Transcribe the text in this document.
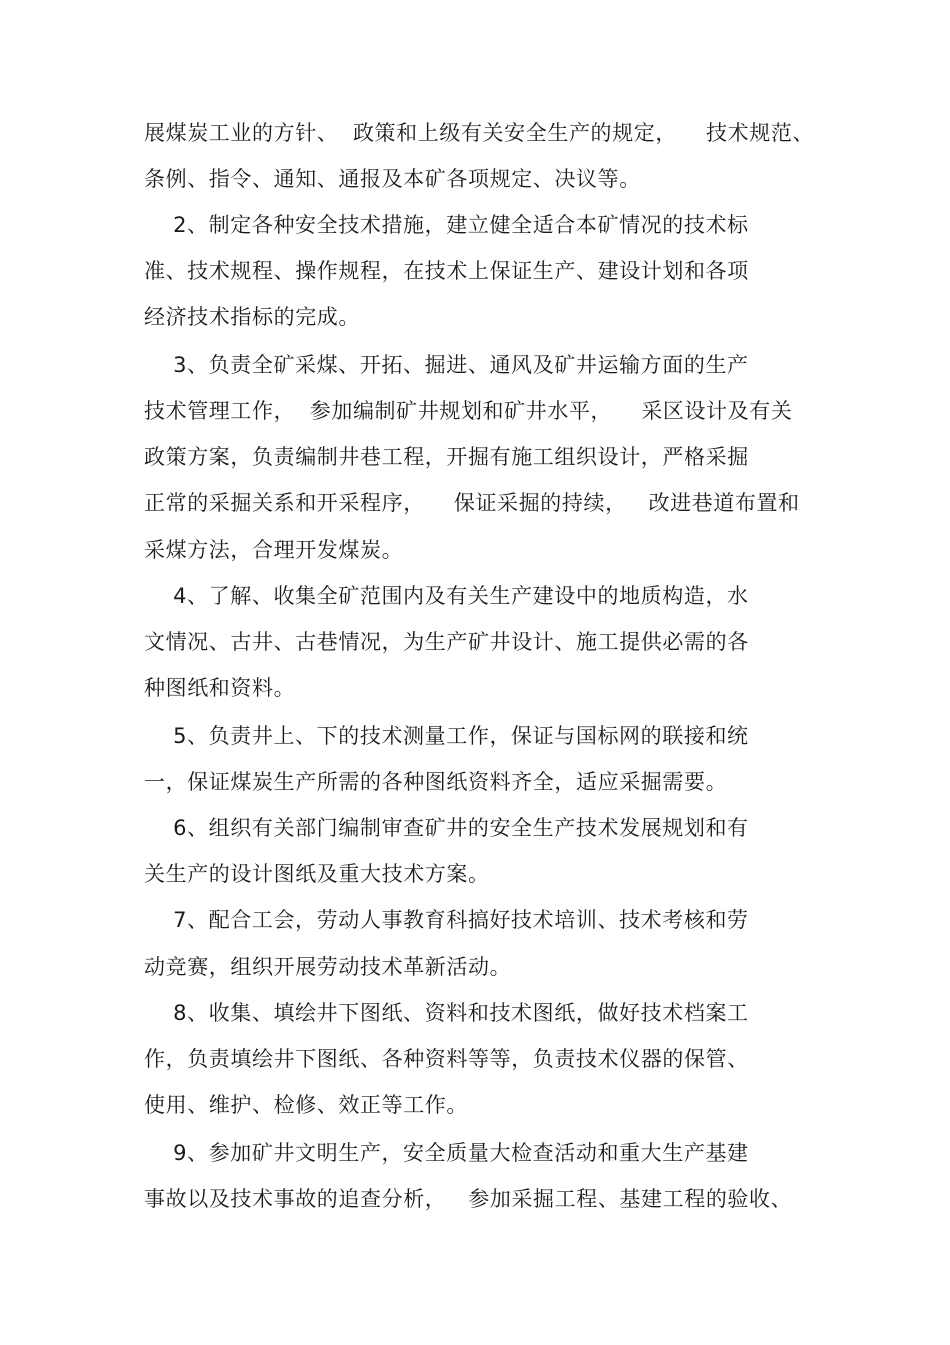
展煤炭工业的方针、  政策和上级有关安全生产的规定，    技术规范、
条例、指令、通知、通报及本矿各项规定、决议等。
2、制定各种安全技术措施，建立健全适合本矿情况的技术标
准、技术规程、操作规程，在技术上保证生产、建设计划和各项
经济技术指标的完成。
3、负责全矿采煤、开拓、掘进、通风及矿井运输方面的生产
技术管理工作，  参加编制矿井规划和矿井水平，    采区设计及有关
政策方案，负责编制井巷工程，开掘有施工组织设计，严格采掘
正常的采掘关系和开采程序，    保证采掘的持续，   改进巷道布置和
采煤方法，合理开发煤炭。
4、了解、收集全矿范围内及有关生产建设中的地质构造，水
文情况、古井、古巷情况，为生产矿井设计、施工提供必需的各
种图纸和资料。
5、负责井上、下的技术测量工作，保证与国标网的联接和统
一，保证煤炭生产所需的各种图纸资料齐全，适应采掘需要。
6、组织有关部门编制审查矿井的安全生产技术发展规划和有
关生产的设计图纸及重大技术方案。
7、配合工会，劳动人事教育科搞好技术培训、技术考核和劳
动竞赛，组织开展劳动技术革新活动。
8、收集、填绘井下图纸、资料和技术图纸，做好技术档案工
作，负责填绘井下图纸、各种资料等等，负责技术仪器的保管、
使用、维护、检修、效正等工作。
9、参加矿井文明生产，安全质量大检查活动和重大生产基建
事故以及技术事故的追查分析，   参加采掘工程、基建工程的验收、
